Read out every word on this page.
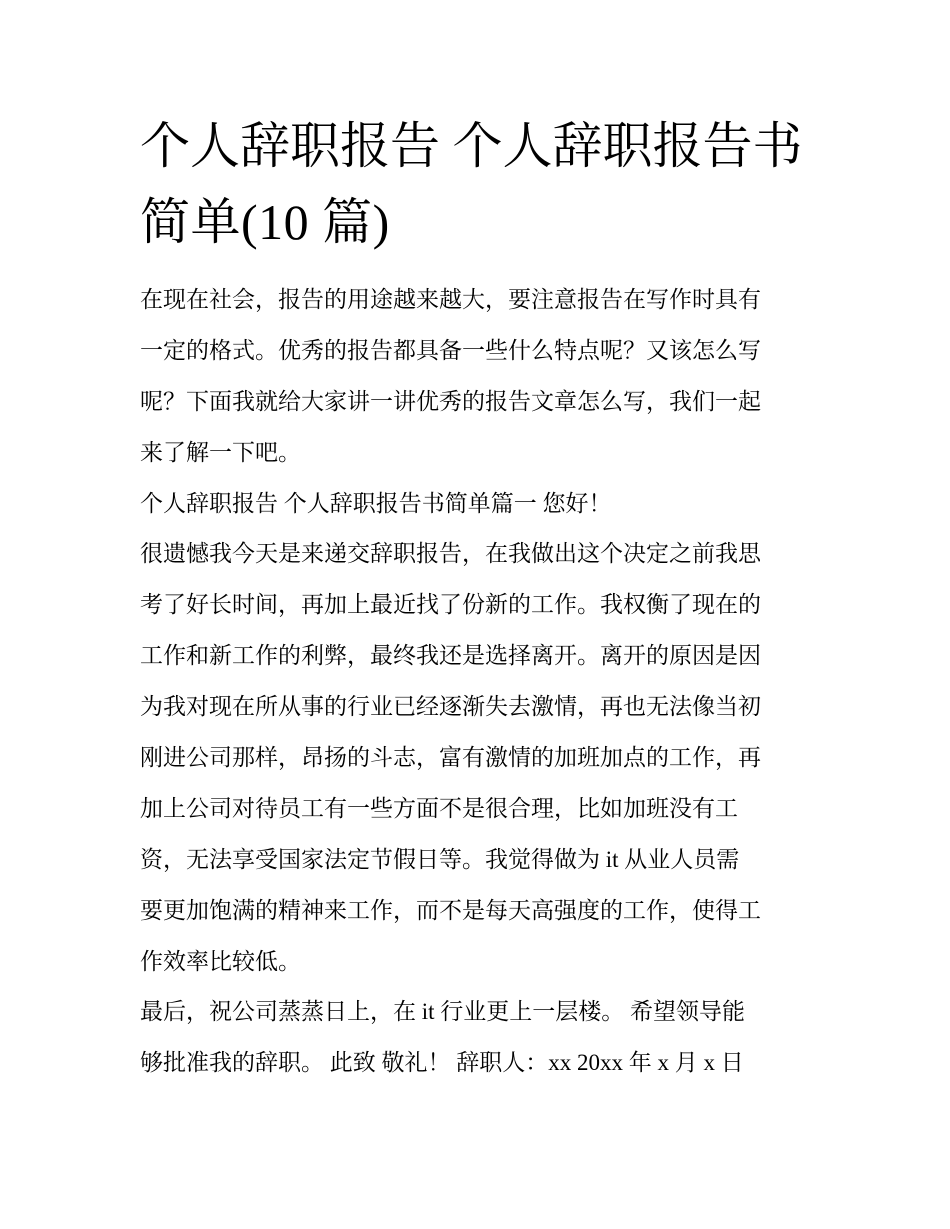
个人辞职报告 个人辞职报告书
简单(10 篇)
在现在社会，报告的用途越来越大，要注意报告在写作时具有
一定的格式。优秀的报告都具备一些什么特点呢？又该怎么写
呢？下面我就给大家讲一讲优秀的报告文章怎么写，我们一起
来了解一下吧。
个人辞职报告 个人辞职报告书简单篇一 您好！
很遗憾我今天是来递交辞职报告，在我做出这个决定之前我思
考了好长时间，再加上最近找了份新的工作。我权衡了现在的
工作和新工作的利弊，最终我还是选择离开。离开的原因是因
为我对现在所从事的行业已经逐渐失去激情，再也无法像当初
刚进公司那样，昂扬的斗志，富有激情的加班加点的工作，再
加上公司对待员工有一些方面不是很合理，比如加班没有工
资，无法享受国家法定节假日等。我觉得做为 it 从业人员需
要更加饱满的精神来工作，而不是每天高强度的工作，使得工
作效率比较低。
最后，祝公司蒸蒸日上，在 it 行业更上一层楼。 希望领导能
够批准我的辞职。 此致 敬礼！ 辞职人：xx 20xx 年 x 月 x 日
